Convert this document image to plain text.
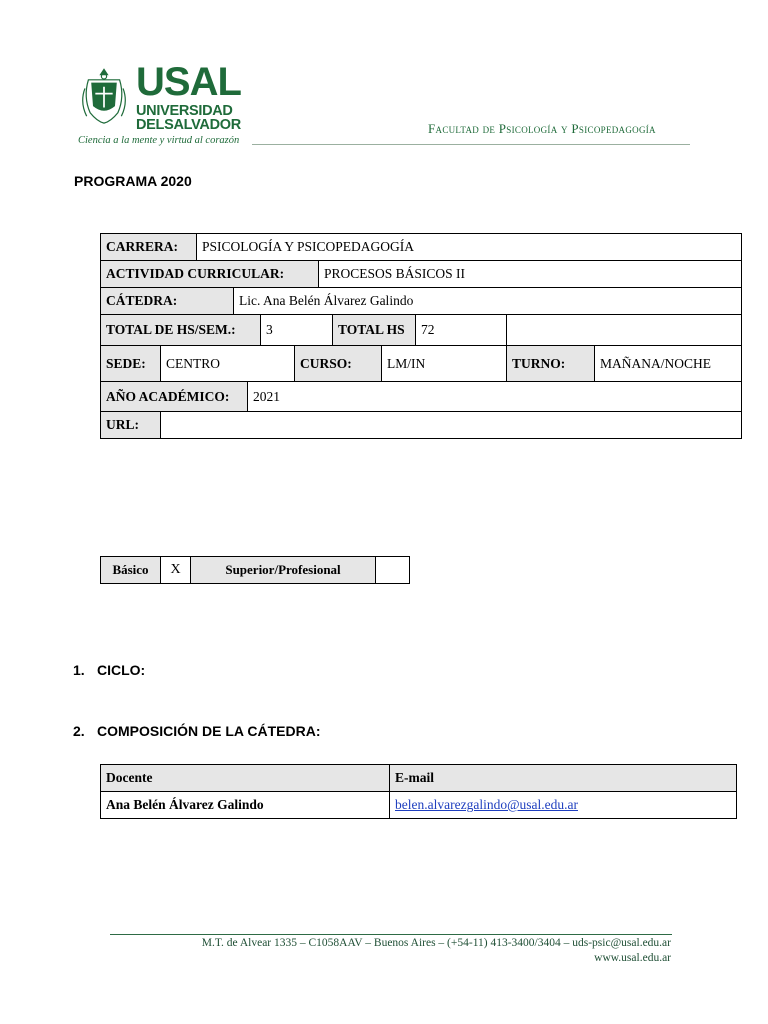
USAL
UNIVERSIDAD
DELSALVADOR
Ciencia a la mente y virtud al corazón
Facultad de Psicología y Psicopedagogía
PROGRAMA 2020
CARRERA:	PSICOLOGÍA Y PSICOPEDAGOGÍA
ACTIVIDAD CURRICULAR:	PROCESOS BÁSICOS II
CÁTEDRA:	Lic. Ana Belén Álvarez Galindo
TOTAL DE HS/SEM.:	3	TOTAL HS	72
SEDE:	CENTRO	CURSO:	LM/IN	TURNO:	MAÑANA/NOCHE
AÑO ACADÉMICO:	2021
URL:
Básico	X	Superior/Profesional
1. CICLO:
2. COMPOSICIÓN DE LA CÁTEDRA:
Docente	E-mail
Ana Belén Álvarez Galindo	belen.alvarezgalindo@usal.edu.ar
M.T. de Alvear 1335 – C1058AAV – Buenos Aires – (+54-11) 413-3400/3404 – uds-psic@usal.edu.ar
www.usal.edu.ar
